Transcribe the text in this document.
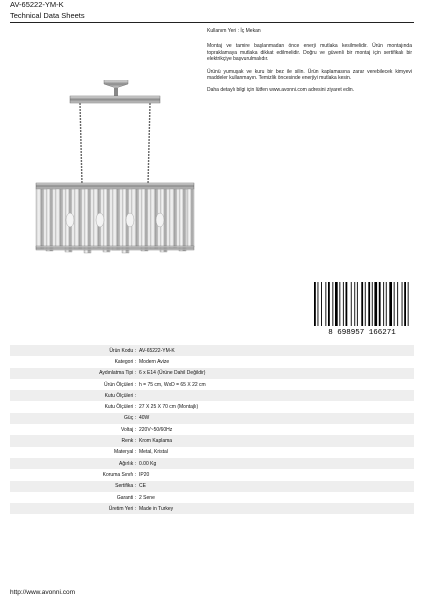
AV-65222-YM-K
Technical Data Sheets

Kullanım Yeri : İç Mekan

Montaj ve tamire başlanmadan önce enerji mutlaka kesilmelidir. Ürün montajında topraklamaya mutlaka dikkat edilmelidir. Doğru ve güvenli bir montaj için sertifikalı bir elektrikçiye başvurulmalıdır.

Ürünü yumuşak ve kuru bir bez ile silin. Ürün kaplamasına zarar verebilecek kimyevi maddeler kullanmayın. Temizlik öncesinde enerjiyi mutlaka kesin.

Daha detaylı bilgi için lütfen www.avonni.com adresini ziyaret edin.

8 698957 166271
Ürün Kodu :	AV-65222-YM-K
Kategori :	Modern Avize
Aydınlatma Tipi :	6 x E14 (Ürüne Dahil Değildir)
Ürün Ölçüleri :	h = 75 cm, WxD = 65 X 22 cm
Kutu Ölçüleri :	
Kutu Ölçüleri :	27 X 25 X 70 cm (Montajlı)
Güç :	40W
Voltaj :	220V~50/60Hz
Renk :	Krom Kaplama
Materyal :	Metal, Kristal
Ağırlık :	0.00 Kg
Koruma Sınıfı :	IP20
Sertifika :	CE
Garanti :	2 Sene
Üretim Yeri :	Made in Turkey
http://www.avonni.com
